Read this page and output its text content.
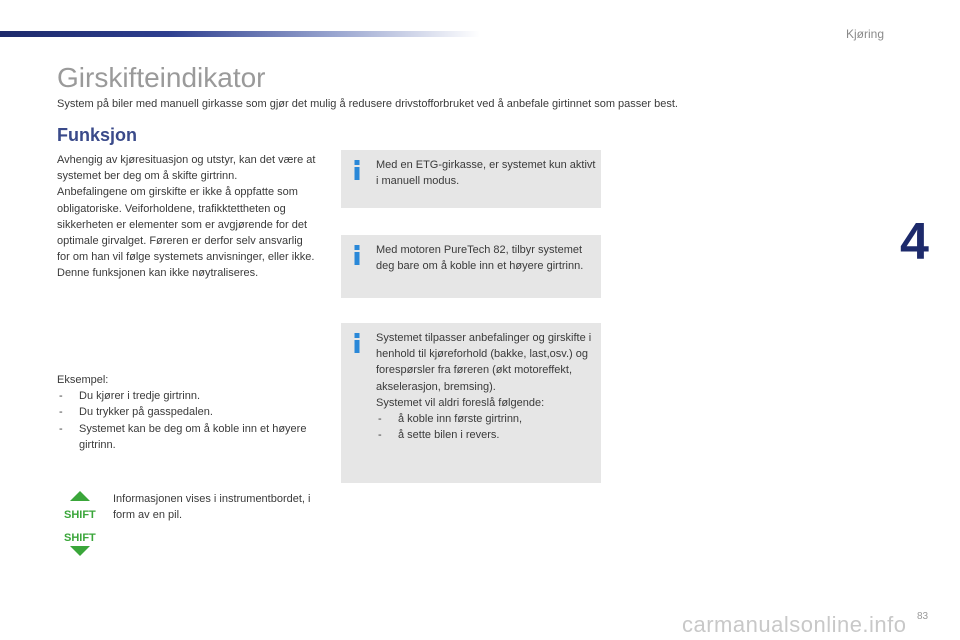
Kjøring
4
Girskifteindikator
System på biler med manuell girkasse som gjør det mulig å redusere drivstofforbruket ved å anbefale girtinnet som passer best.
Funksjon

Avhengig av kjøresituasjon og utstyr, kan det være at systemet ber deg om å skifte girtrinn.

Anbefalingene om girskifte er ikke å oppfatte som obligatoriske. Veiforholdene, trafikktettheten og sikkerheten er elementer som er avgjørende for det optimale girvalget. Føreren er derfor selv ansvarlig for om han vil følge systemets anvisninger, eller ikke.

Denne funksjonen kan ikke nøytraliseres.

Eksempel:
- Du kjører i tredje girtrinn.
- Du trykker på gasspedalen.
- Systemet kan be deg om å koble inn et høyere girtrinn.
SHIFT
SHIFT
Informasjonen vises i instrumentbordet, i form av en pil.

Med en ETG-girkasse, er systemet kun aktivt i manuell modus.

Med motoren PureTech 82, tilbyr systemet deg bare om å koble inn et høyere girtrinn.

Systemet tilpasser anbefalinger og girskifte i henhold til kjøreforhold (bakke, last,osv.) og forespørsler fra føreren (økt motoreffekt, akselerasjon, bremsing).

Systemet vil aldri foreslå følgende:

- å koble inn første girtrinn,
- å sette bilen i revers.
carmanualsonline.info 83
